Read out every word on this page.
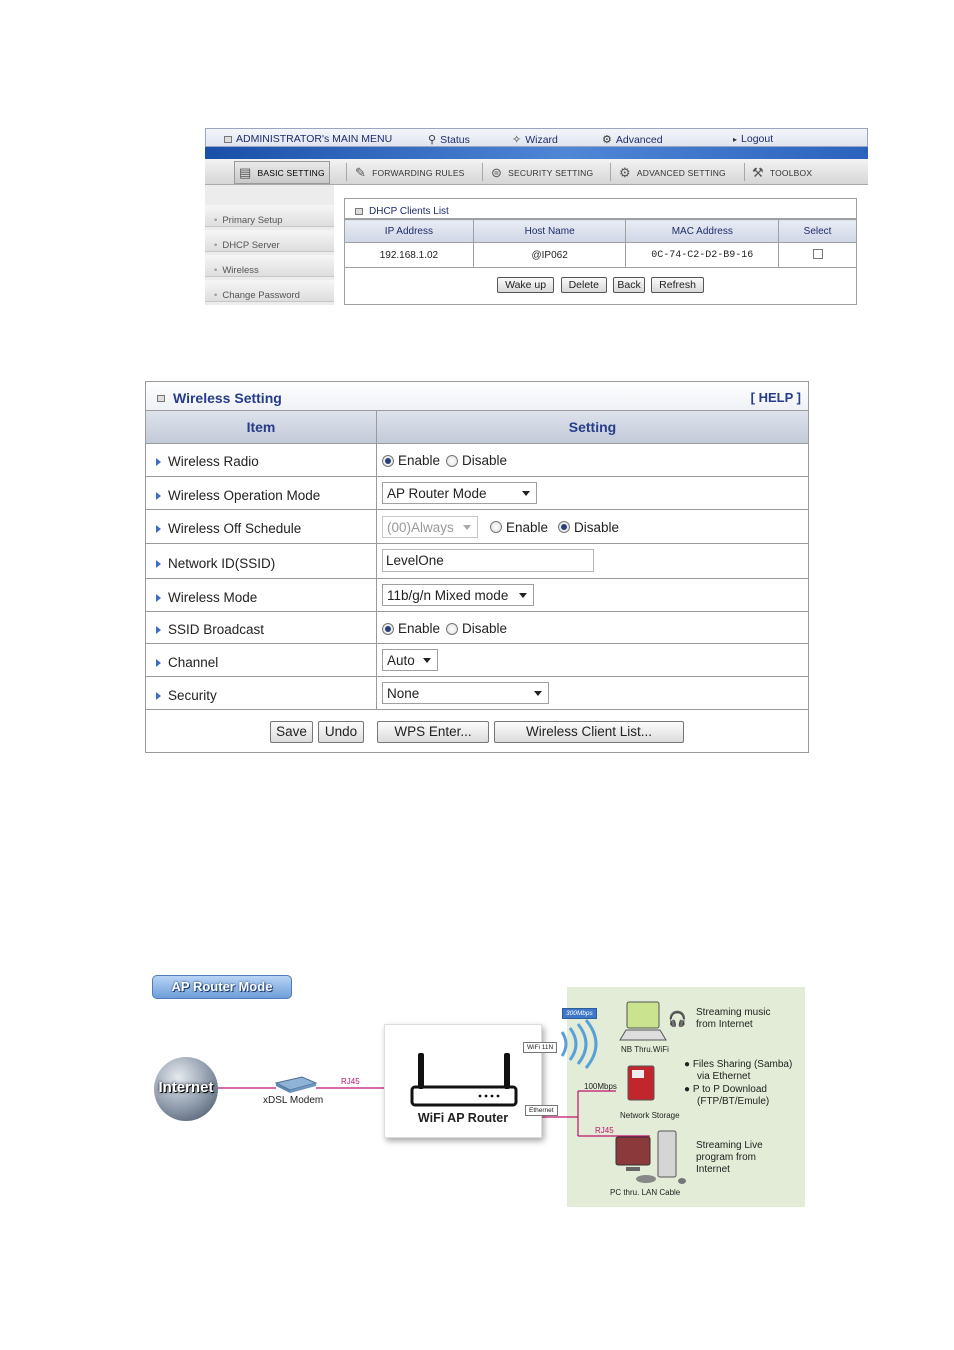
ADMINISTRATOR's MAIN MENU	⚲ Status	✧ Wizard	⚙ Advanced	▸ Logout
▤ BASIC SETTING ✎ FORWARDING RULES ⊜ SECURITY SETTING ⚙ ADVANCED SETTING ⚒ TOOLBOX
• Primary Setup
• DHCP Server
• Wireless
• Change Password
DHCP Clients List
IP Address	Host Name	MAC Address	Select
192.168.1.02	@IP062	0C-74-C2-D2-B9-16	
Wake up Delete Back Refresh
Wireless Setting	[ HELP ]
Item	Setting
Wireless Radio	Enable Disable
Wireless Operation Mode	AP Router Mode
Wireless Off Schedule	(00)Always	Enable Disable
Network ID(SSID)	LevelOne
Wireless Mode	11b/g/n Mixed mode
SSID Broadcast	Enable Disable
Channel	Auto
Security	None
Save	Undo	WPS Enter...	Wireless Client List...
AP Router Mode
Internet
xDSL Modem
RJ45
WiFi AP Router
WiFi 11N
Ethernet
300Mbps
100Mbps
RJ45
NB Thru.WiFi
🎧 Streaming music
from Internet
Network Storage
● Files Sharing (Samba)
via Ethernet
● P to P Download
(FTP/BT/Emule)
PC thru. LAN Cable
Streaming Live
program from
Internet
